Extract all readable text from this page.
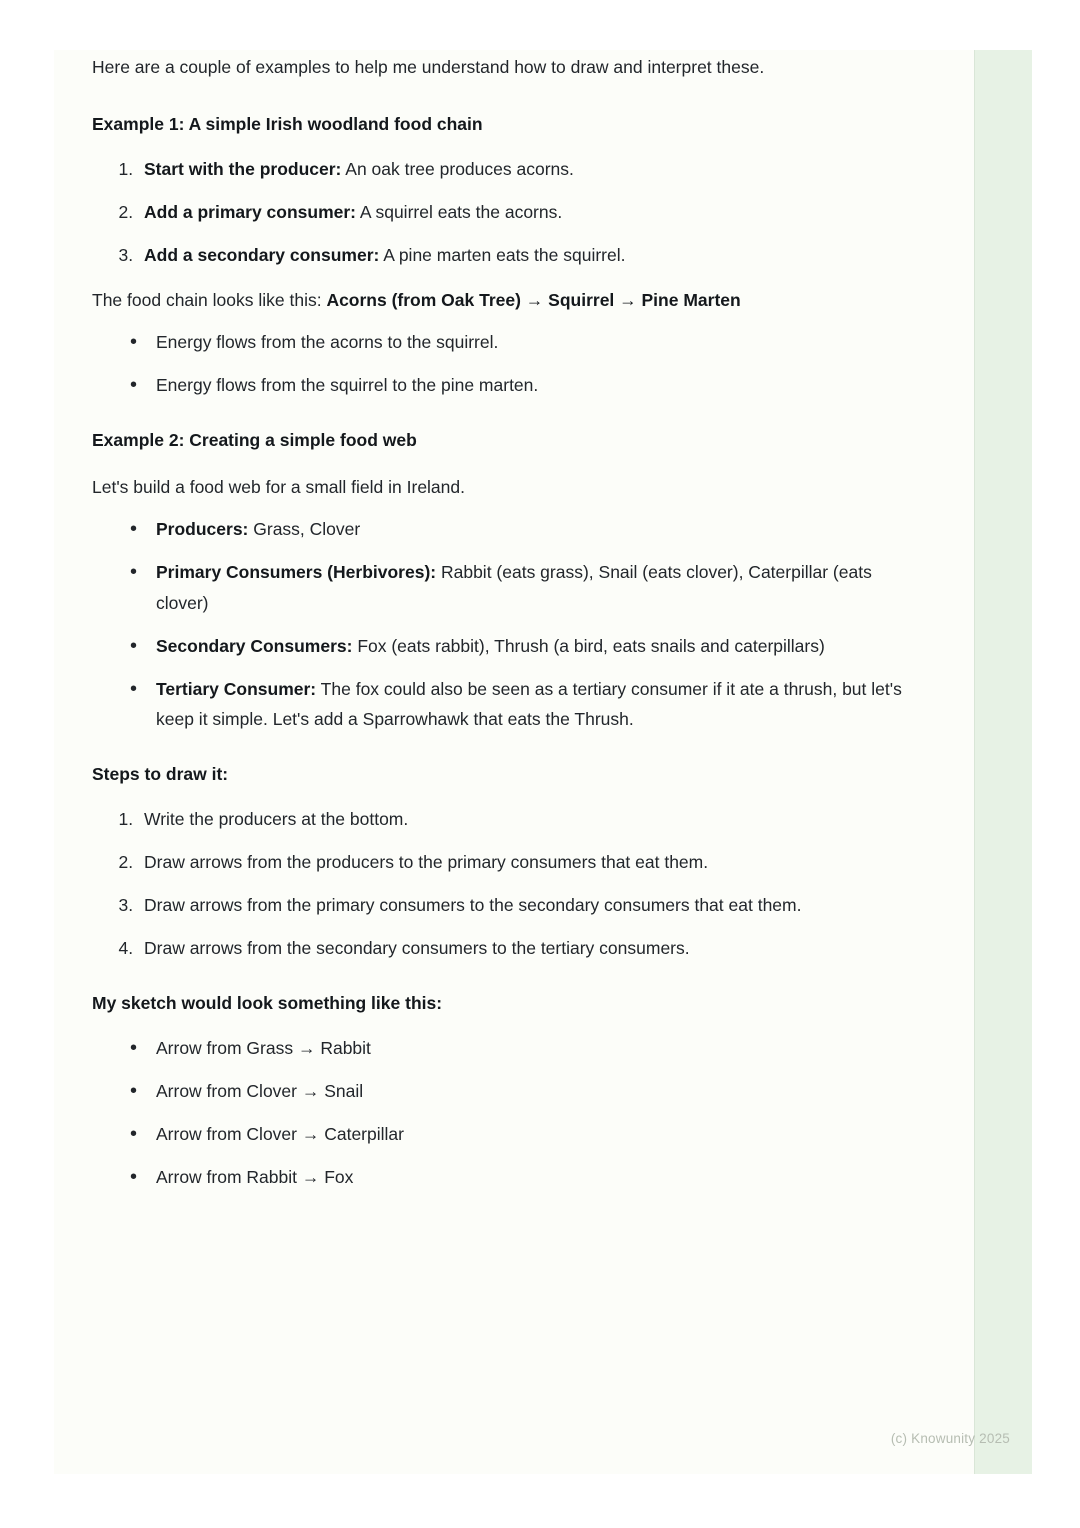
Here are a couple of examples to help me understand how to draw and interpret these.

Example 1: A simple Irish woodland food chain
1. Start with the producer: An oak tree produces acorns.
2. Add a primary consumer: A squirrel eats the acorns.
3. Add a secondary consumer: A pine marten eats the squirrel.

The food chain looks like this: Acorns (from Oak Tree) → Squirrel → Pine Marten

• Energy flows from the acorns to the squirrel.
• Energy flows from the squirrel to the pine marten.
Example 2: Creating a simple food web

Let's build a food web for a small field in Ireland.

• Producers: Grass, Clover
• Primary Consumers (Herbivores): Rabbit (eats grass), Snail (eats clover), Caterpillar (eats clover)
• Secondary Consumers: Fox (eats rabbit), Thrush (a bird, eats snails and caterpillars)
• Tertiary Consumer: The fox could also be seen as a tertiary consumer if it ate a thrush, but let's keep it simple. Let's add a Sparrowhawk that eats the Thrush.
Steps to draw it:
1. Write the producers at the bottom.
2. Draw arrows from the producers to the primary consumers that eat them.
3. Draw arrows from the primary consumers to the secondary consumers that eat them.
4. Draw arrows from the secondary consumers to the tertiary consumers.
My sketch would look something like this:
• Arrow from Grass → Rabbit
• Arrow from Clover → Snail
• Arrow from Clover → Caterpillar
• Arrow from Rabbit → Fox
(c) Knowunity 2025
